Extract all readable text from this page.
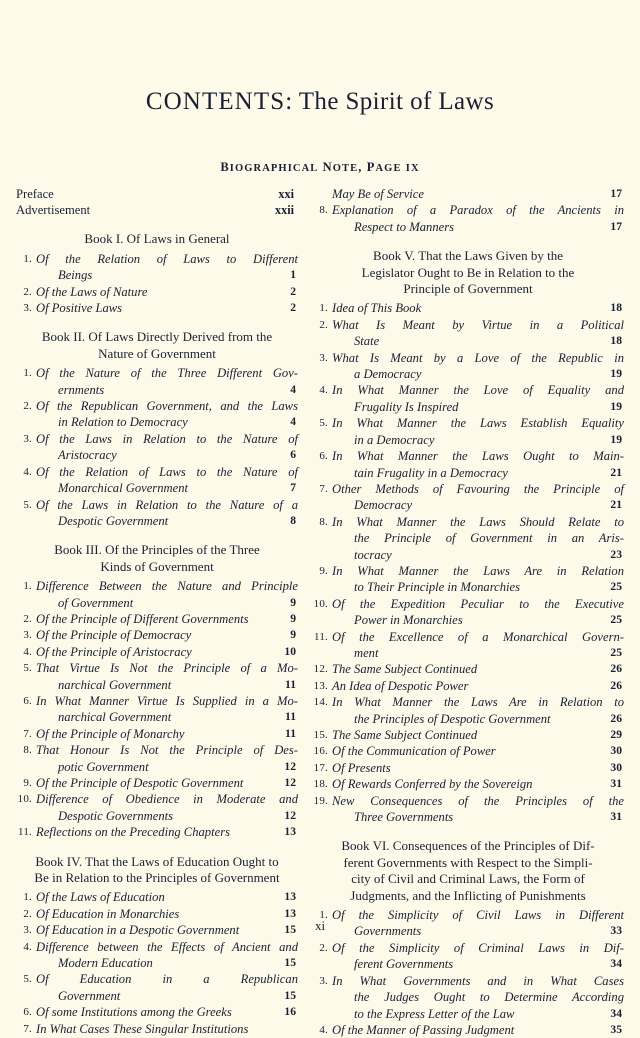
CONTENTS: The Spirit of Laws
BIOGRAPHICAL NOTE, PAGE IX
Preface	xxi
Advertisement	xxii
Book I. Of Laws in General
1. Of the Relation of Laws to Different
Beings	1
2. Of the Laws of Nature	2
3. Of Positive Laws	2
Book II. Of Laws Directly Derived from the
Nature of Government
1. Of the Nature of the Three Different Gov-
ernments	4
2. Of the Republican Government, and the Laws
in Relation to Democracy	4
3. Of the Laws in Relation to the Nature of
Aristocracy	6
4. Of the Relation of Laws to the Nature of
Monarchical Government	7
5. Of the Laws in Relation to the Nature of a
Despotic Government	8
Book III. Of the Principles of the Three
Kinds of Government
1. Difference Between the Nature and Principle
of Government	9
2. Of the Principle of Different Governments	9
3. Of the Principle of Democracy	9
4. Of the Principle of Aristocracy	10
5. That Virtue Is Not the Principle of a Mo-
narchical Government	11
6. In What Manner Virtue Is Supplied in a Mo-
narchical Government	11
7. Of the Principle of Monarchy	11
8. That Honour Is Not the Principle of Des-
potic Government	12
9. Of the Principle of Despotic Government	12
10. Difference of Obedience in Moderate and
Despotic Governments	12
11. Reflections on the Preceding Chapters	13
Book IV. That the Laws of Education Ought to
Be in Relation to the Principles of Government
1. Of the Laws of Education	13
2. Of Education in Monarchies	13
3. Of Education in a Despotic Government	15
4. Difference between the Effects of Ancient and
Modern Education	15
5. Of Education in a Republican
Government	15
6. Of some Institutions among the Greeks	16
7. In What Cases These Singular Institutions
May Be of Service	17
8. Explanation of a Paradox of the Ancients in
Respect to Manners	17
Book V. That the Laws Given by the
Legislator Ought to Be in Relation to the
Principle of Government
1. Idea of This Book	18
2. What Is Meant by Virtue in a Political
State	18
3. What Is Meant by a Love of the Republic in
a Democracy	19
4. In What Manner the Love of Equality and
Frugality Is Inspired	19
5. In What Manner the Laws Establish Equality
in a Democracy	19
6. In What Manner the Laws Ought to Main-
tain Frugality in a Democracy	21
7. Other Methods of Favouring the Principle of
Democracy	21
8. In What Manner the Laws Should Relate to
the Principle of Government in an Aris-
tocracy	23
9. In What Manner the Laws Are in Relation
to Their Principle in Monarchies	25
10. Of the Expedition Peculiar to the Executive
Power in Monarchies	25
11. Of the Excellence of a Monarchical Govern-
ment	25
12. The Same Subject Continued	26
13. An Idea of Despotic Power	26
14. In What Manner the Laws Are in Relation to
the Principles of Despotic Government	26
15. The Same Subject Continued	29
16. Of the Communication of Power	30
17. Of Presents	30
18. Of Rewards Conferred by the Sovereign	31
19. New Consequences of the Principles of the
Three Governments	31
Book VI. Consequences of the Principles of Dif-
ferent Governments with Respect to the Simpli-
city of Civil and Criminal Laws, the Form of
Judgments, and the Inflicting of Punishments
1. Of the Simplicity of Civil Laws in Different
Governments	33
2. Of the Simplicity of Criminal Laws in Dif-
ferent Governments	34
3. In What Governments and in What Cases
the Judges Ought to Determine According
to the Express Letter of the Law	34
4. Of the Manner of Passing Judgment	35
xi
